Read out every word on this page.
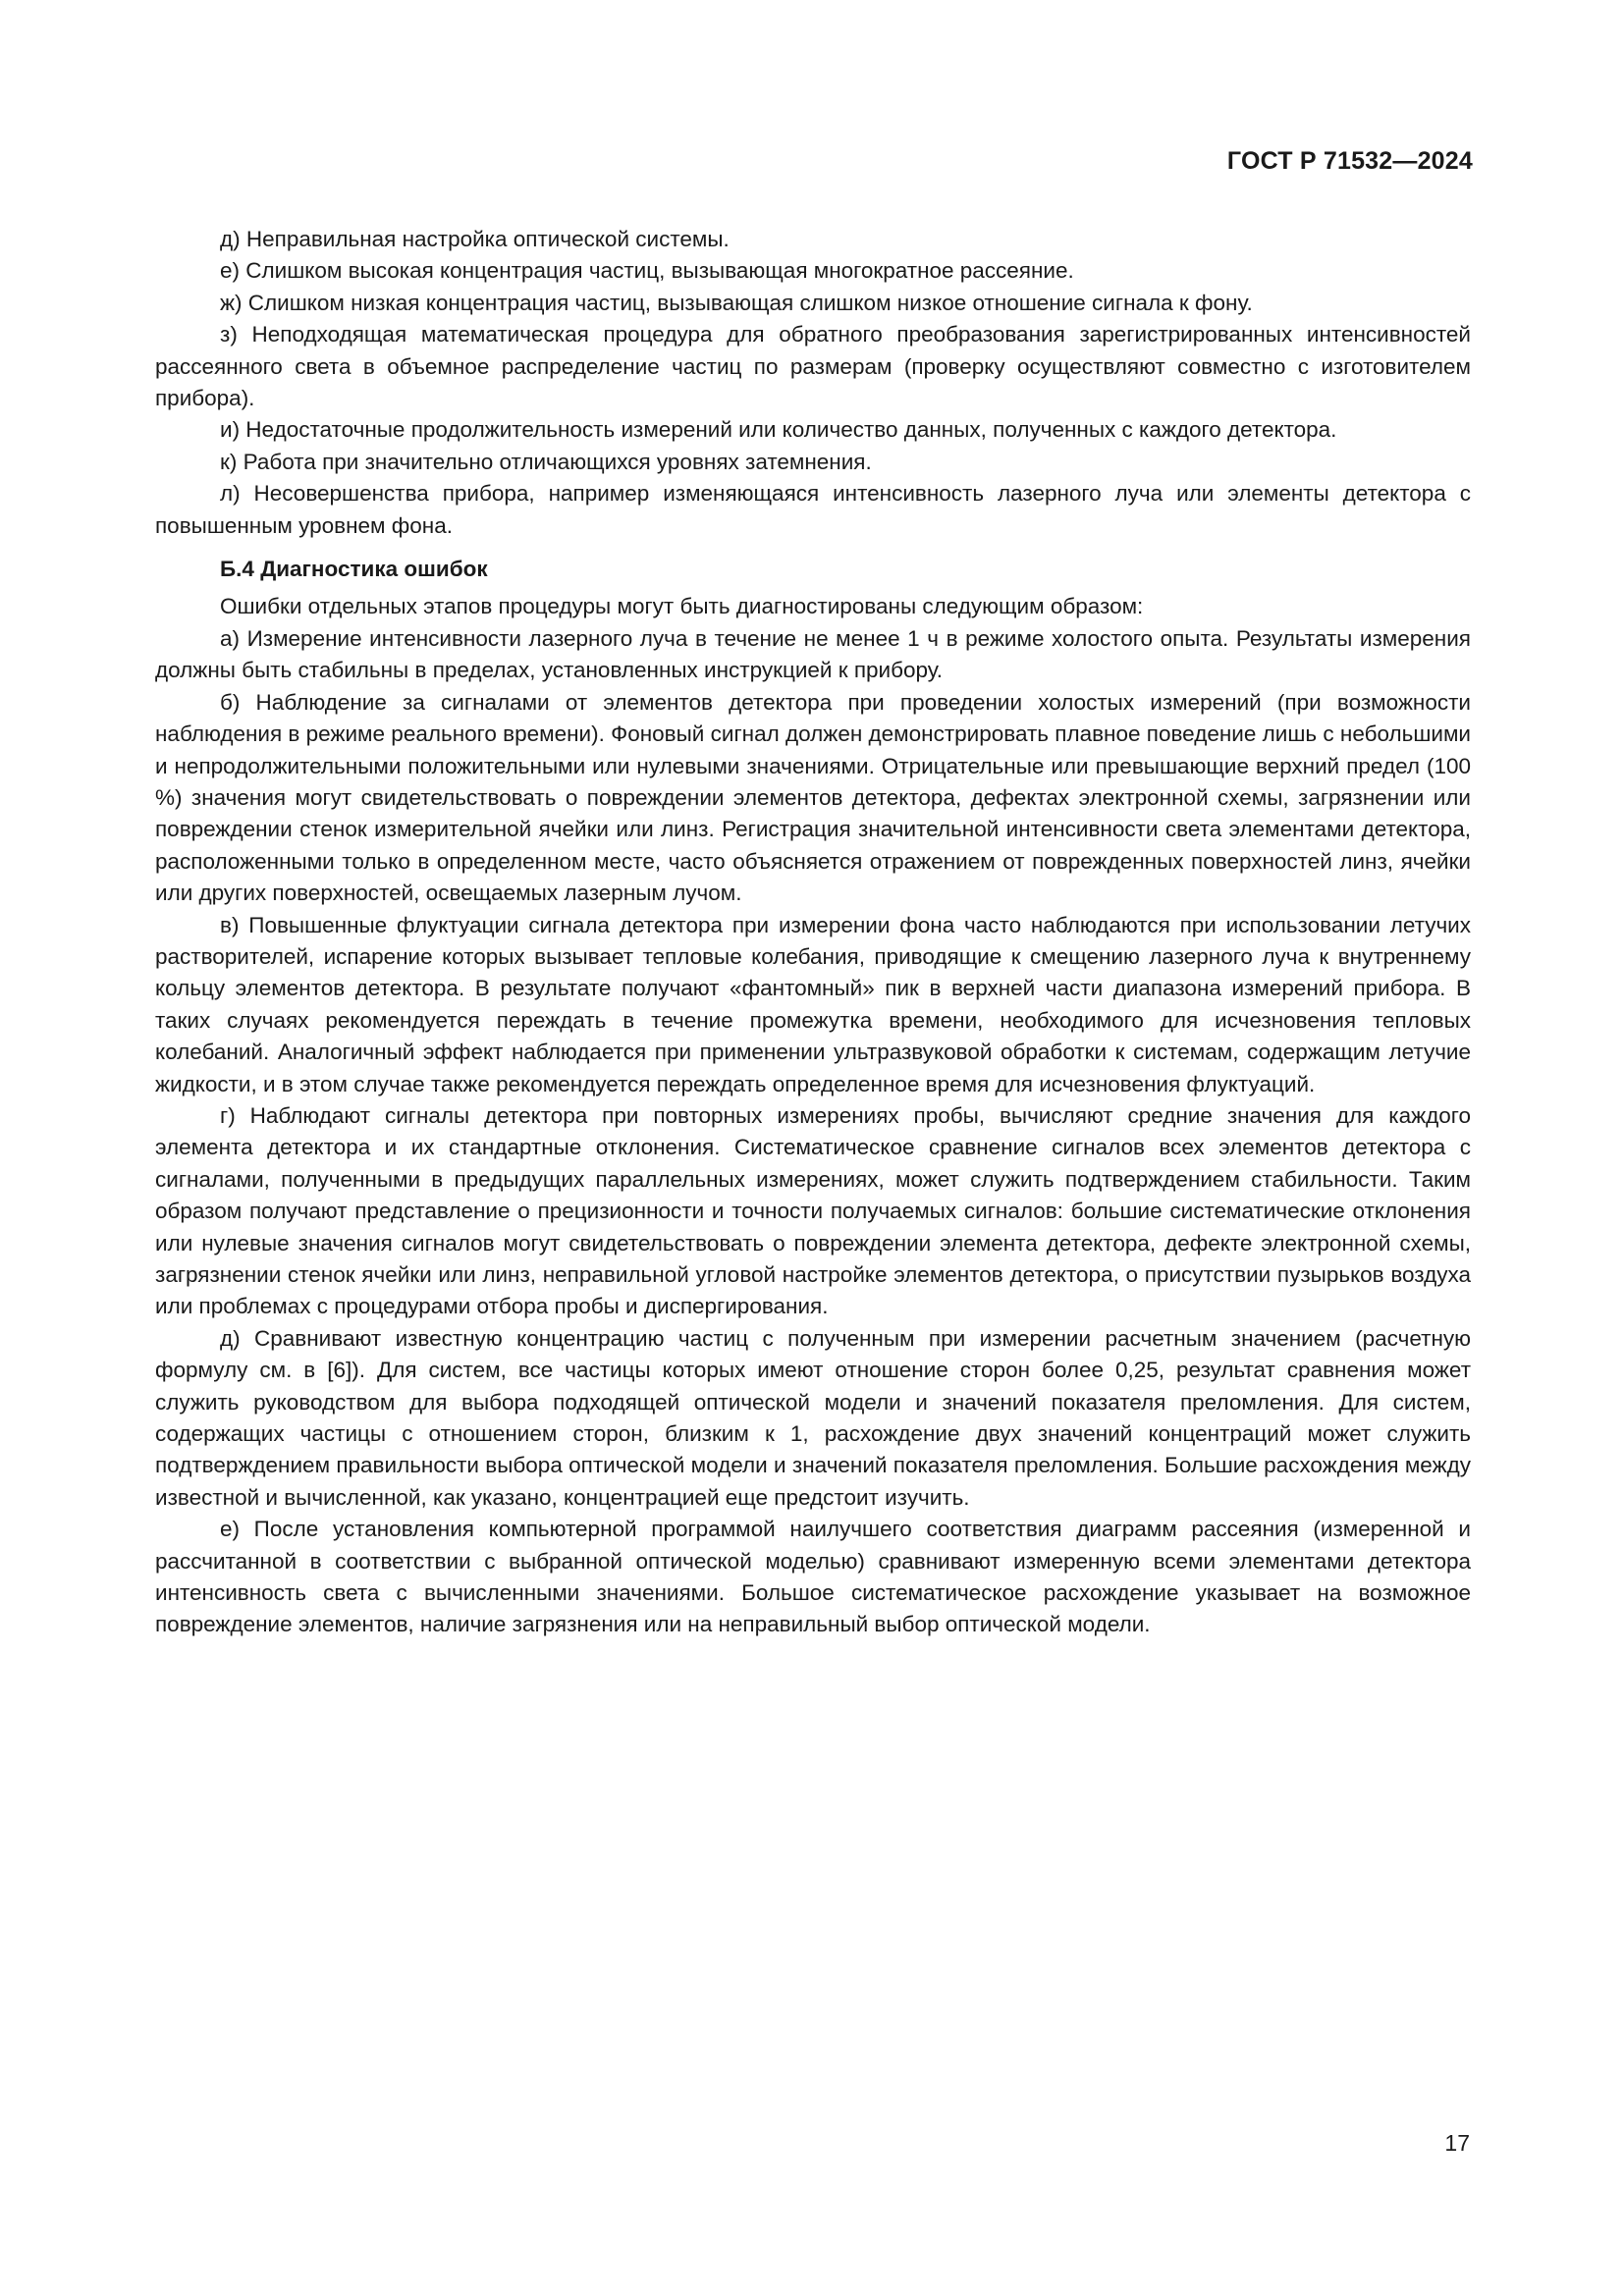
ГОСТ Р 71532—2024

д) Неправильная настройка оптической системы.

е) Слишком высокая концентрация частиц, вызывающая многократное рассеяние.

ж) Слишком низкая концентрация частиц, вызывающая слишком низкое отношение сигнала к фону.

з) Неподходящая математическая процедура для обратного преобразования зарегистрированных интенсивностей рассеянного света в объемное распределение частиц по размерам (проверку осуществляют совместно с изготовителем прибора).

и) Недостаточные продолжительность измерений или количество данных, полученных с каждого детектора.

к) Работа при значительно отличающихся уровнях затемнения.

л) Несовершенства прибора, например изменяющаяся интенсивность лазерного луча или элементы детектора с повышенным уровнем фона.

Б.4 Диагностика ошибок

Ошибки отдельных этапов процедуры могут быть диагностированы следующим образом:

а) Измерение интенсивности лазерного луча в течение не менее 1 ч в режиме холостого опыта. Результаты измерения должны быть стабильны в пределах, установленных инструкцией к прибору.

б) Наблюдение за сигналами от элементов детектора при проведении холостых измерений (при возможности наблюдения в режиме реального времени). Фоновый сигнал должен демонстрировать плавное поведение лишь с небольшими и непродолжительными положительными или нулевыми значениями. Отрицательные или превышающие верхний предел (100 %) значения могут свидетельствовать о повреждении элементов детектора, дефектах электронной схемы, загрязнении или повреждении стенок измерительной ячейки или линз. Регистрация значительной интенсивности света элементами детектора, расположенными только в определенном месте, часто объясняется отражением от поврежденных поверхностей линз, ячейки или других поверхностей, освещаемых лазерным лучом.

в) Повышенные флуктуации сигнала детектора при измерении фона часто наблюдаются при использовании летучих растворителей, испарение которых вызывает тепловые колебания, приводящие к смещению лазерного луча к внутреннему кольцу элементов детектора. В результате получают «фантомный» пик в верхней части диапазона измерений прибора. В таких случаях рекомендуется переждать в течение промежутка времени, необходимого для исчезновения тепловых колебаний. Аналогичный эффект наблюдается при применении ультразвуковой обработки к системам, содержащим летучие жидкости, и в этом случае также рекомендуется переждать определенное время для исчезновения флуктуаций.

г) Наблюдают сигналы детектора при повторных измерениях пробы, вычисляют средние значения для каждого элемента детектора и их стандартные отклонения. Систематическое сравнение сигналов всех элементов детектора с сигналами, полученными в предыдущих параллельных измерениях, может служить подтверждением стабильности. Таким образом получают представление о прецизионности и точности получаемых сигналов: большие систематические отклонения или нулевые значения сигналов могут свидетельствовать о повреждении элемента детектора, дефекте электронной схемы, загрязнении стенок ячейки или линз, неправильной угловой настройке элементов детектора, о присутствии пузырьков воздуха или проблемах с процедурами отбора пробы и диспергирования.

д) Сравнивают известную концентрацию частиц с полученным при измерении расчетным значением (расчетную формулу см. в [6]). Для систем, все частицы которых имеют отношение сторон более 0,25, результат сравнения может служить руководством для выбора подходящей оптической модели и значений показателя преломления. Для систем, содержащих частицы с отношением сторон, близким к 1, расхождение двух значений концентраций может служить подтверждением правильности выбора оптической модели и значений показателя преломления. Большие расхождения между известной и вычисленной, как указано, концентрацией еще предстоит изучить.

е) После установления компьютерной программой наилучшего соответствия диаграмм рассеяния (измеренной и рассчитанной в соответствии с выбранной оптической моделью) сравнивают измеренную всеми элементами детектора интенсивность света с вычисленными значениями. Большое систематическое расхождение указывает на возможное повреждение элементов, наличие загрязнения или на неправильный выбор оптической модели.

17
